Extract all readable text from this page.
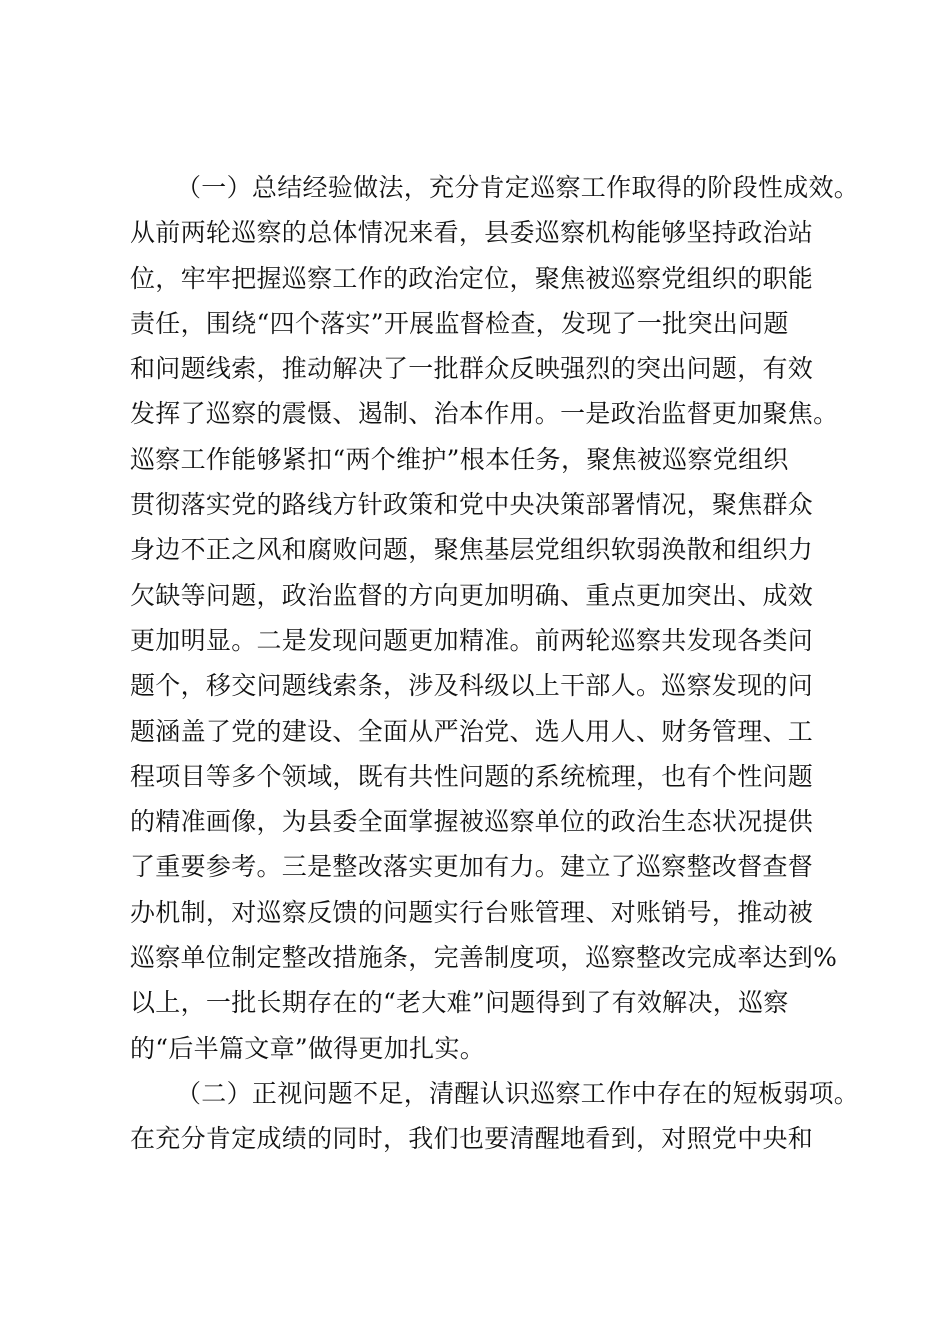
（一）总结经验做法，充分肯定巡察工作取得的阶段性成效。
从前两轮巡察的总体情况来看，县委巡察机构能够坚持政治站
位，牢牢把握巡察工作的政治定位，聚焦被巡察党组织的职能
责任，围绕“四个落实”开展监督检查，发现了一批突出问题
和问题线索，推动解决了一批群众反映强烈的突出问题，有效
发挥了巡察的震慑、遏制、治本作用。一是政治监督更加聚焦。
巡察工作能够紧扣“两个维护”根本任务，聚焦被巡察党组织
贯彻落实党的路线方针政策和党中央决策部署情况，聚焦群众
身边不正之风和腐败问题，聚焦基层党组织软弱涣散和组织力
欠缺等问题，政治监督的方向更加明确、重点更加突出、成效
更加明显。二是发现问题更加精准。前两轮巡察共发现各类问
题个，移交问题线索条，涉及科级以上干部人。巡察发现的问
题涵盖了党的建设、全面从严治党、选人用人、财务管理、工
程项目等多个领域，既有共性问题的系统梳理，也有个性问题
的精准画像，为县委全面掌握被巡察单位的政治生态状况提供
了重要参考。三是整改落实更加有力。建立了巡察整改督查督
办机制，对巡察反馈的问题实行台账管理、对账销号，推动被
巡察单位制定整改措施条，完善制度项，巡察整改完成率达到%
以上，一批长期存在的“老大难”问题得到了有效解决，巡察
的“后半篇文章”做得更加扎实。
（二）正视问题不足，清醒认识巡察工作中存在的短板弱项。
在充分肯定成绩的同时，我们也要清醒地看到，对照党中央和
